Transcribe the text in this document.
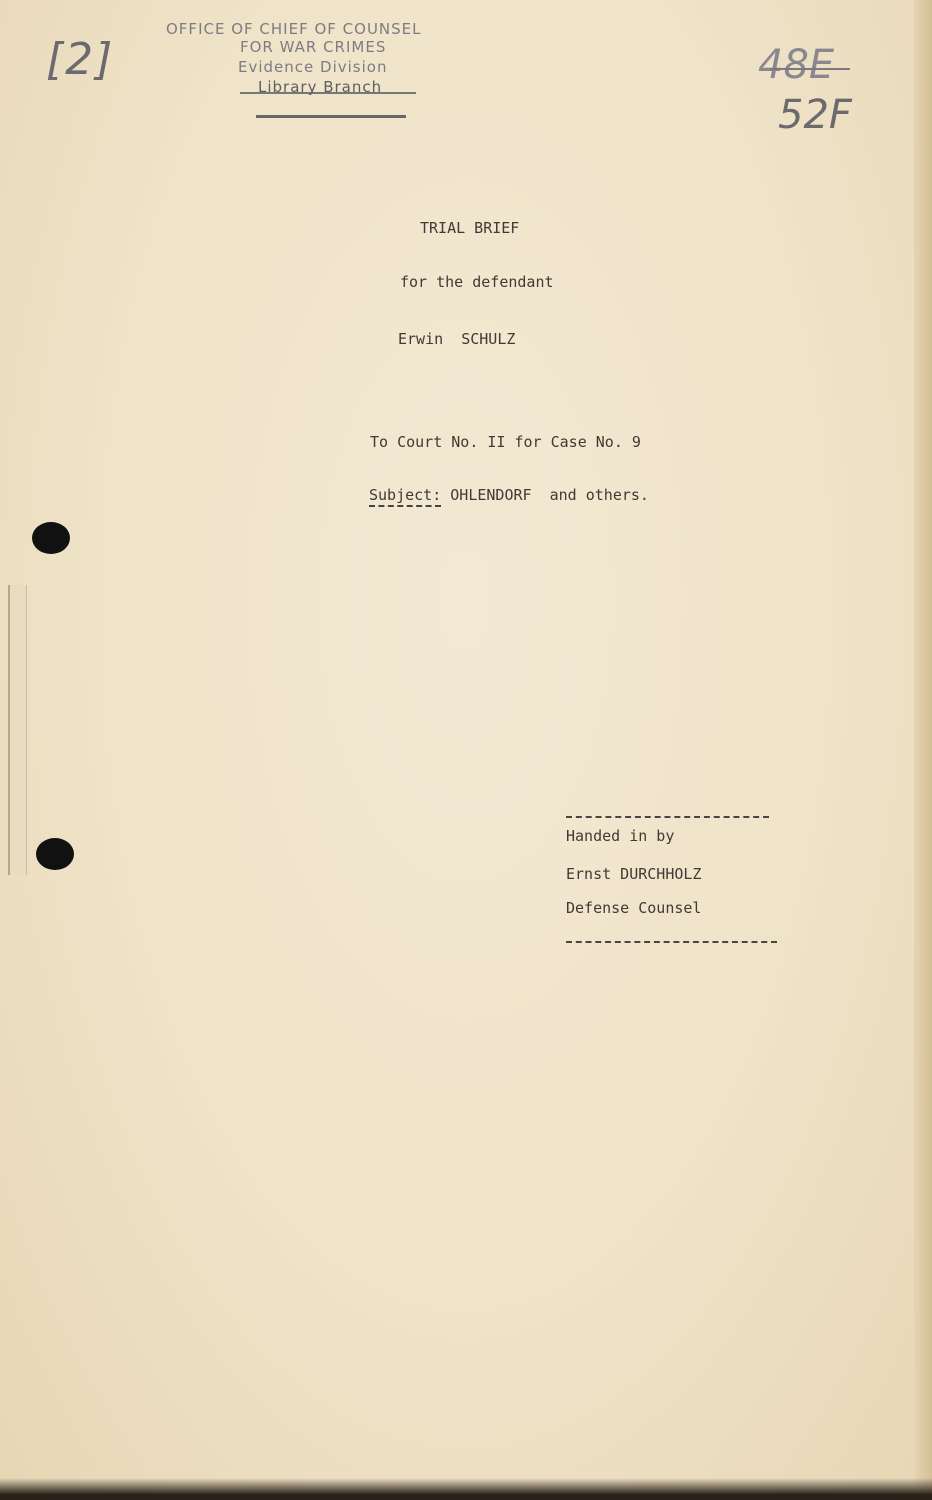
OFFICE OF CHIEF OF COUNSEL
FOR WAR CRIMES
Evidence Division
Library Branch
[2]	48E
52F
TRIAL BRIEF
for the defendant
Erwin  SCHULZ
To Court No. II for Case No. 9
Subject: OHLENDORF  and others.
Handed in by
Ernst DURCHHOLZ
Defense Counsel
